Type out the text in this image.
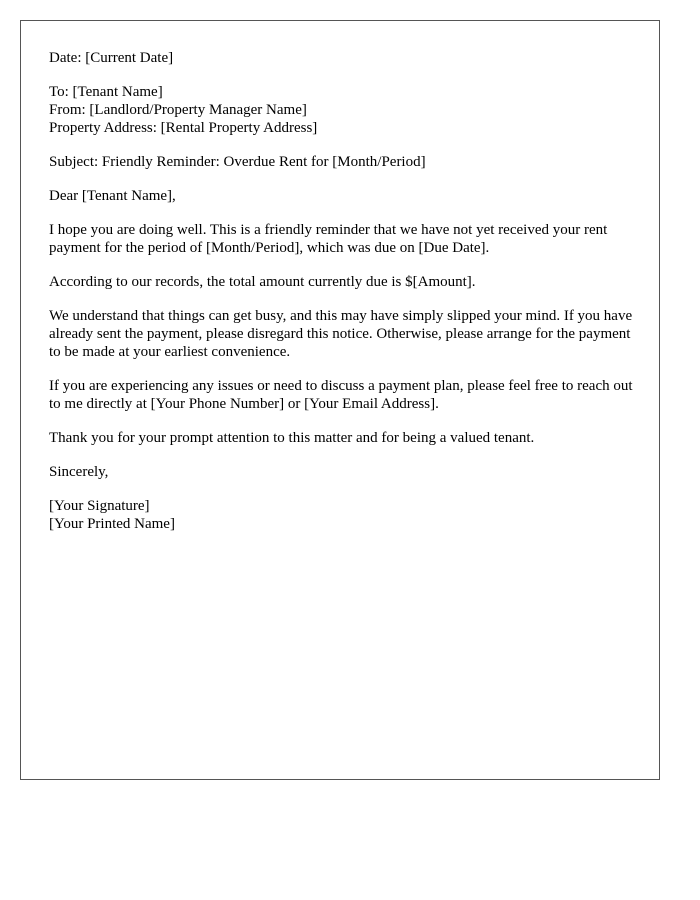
Date: [Current Date]

To: [Tenant Name]
From: [Landlord/Property Manager Name]
Property Address: [Rental Property Address]

Subject: Friendly Reminder: Overdue Rent for [Month/Period]

Dear [Tenant Name],

I hope you are doing well. This is a friendly reminder that we have not yet received your rent payment for the period of [Month/Period], which was due on [Due Date].

According to our records, the total amount currently due is $[Amount].

We understand that things can get busy, and this may have simply slipped your mind. If you have already sent the payment, please disregard this notice. Otherwise, please arrange for the payment to be made at your earliest convenience.

If you are experiencing any issues or need to discuss a payment plan, please feel free to reach out to me directly at [Your Phone Number] or [Your Email Address].

Thank you for your prompt attention to this matter and for being a valued tenant.

Sincerely,

[Your Signature]
[Your Printed Name]
